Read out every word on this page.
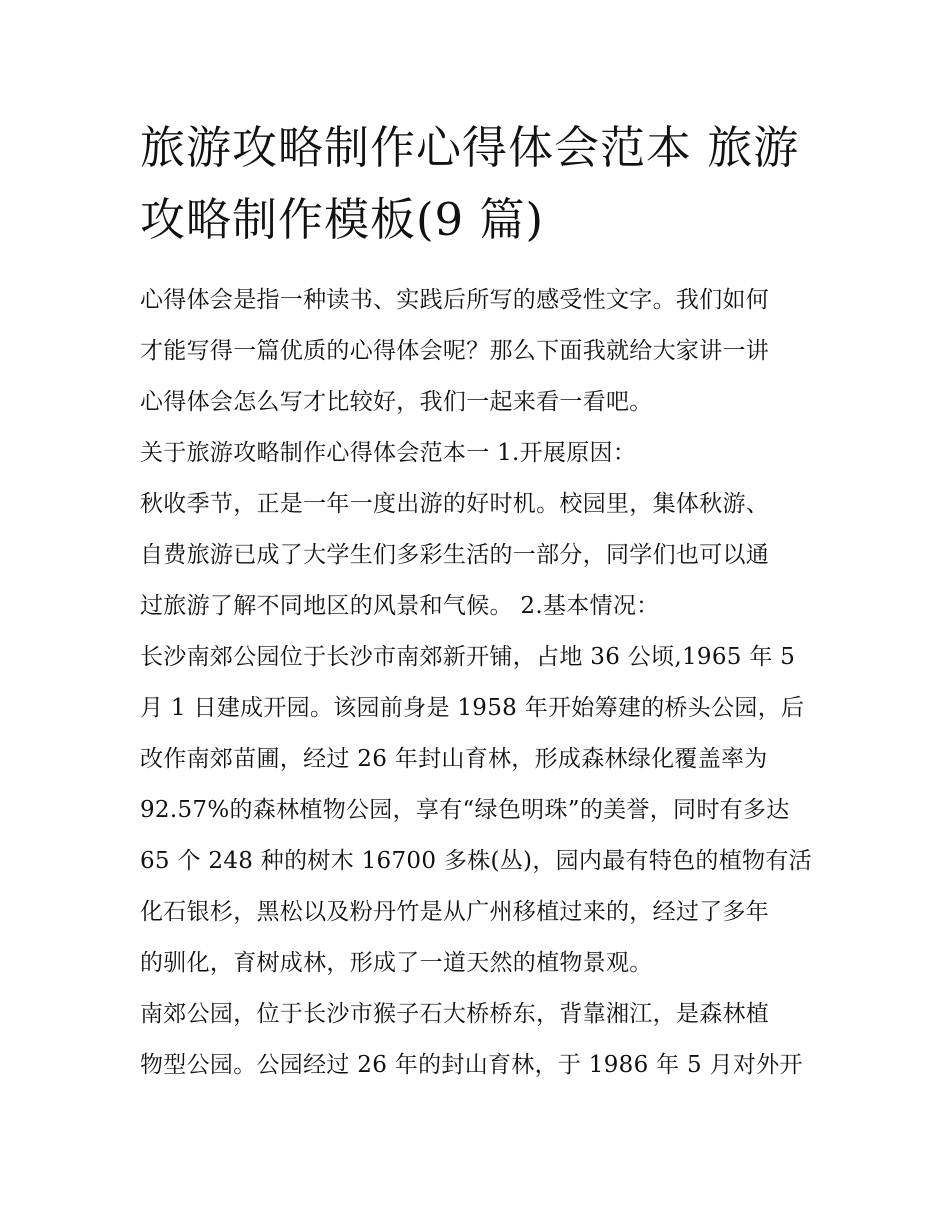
旅游攻略制作心得体会范本 旅游攻略制作模板(9 篇)

心得体会是指一种读书、实践后所写的感受性文字。我们如何

才能写得一篇优质的心得体会呢？那么下面我就给大家讲一讲

心得体会怎么写才比较好，我们一起来看一看吧。

关于旅游攻略制作心得体会范本一 1.开展原因：

秋收季节，正是一年一度出游的好时机。校园里，集体秋游、

自费旅游已成了大学生们多彩生活的一部分，同学们也可以通

过旅游了解不同地区的风景和气候。 2.基本情况：

长沙南郊公园位于长沙市南郊新开铺，占地 36 公顷,1965 年 5

月 1 日建成开园。该园前身是 1958 年开始筹建的桥头公园，后

改作南郊苗圃，经过 26 年封山育林，形成森林绿化覆盖率为

92.57%的森林植物公园，享有“绿色明珠”的美誉，同时有多达

65 个 248 种的树木 16700 多株(丛)，园内最有特色的植物有活

化石银杉，黑松以及粉丹竹是从广州移植过来的，经过了多年

的驯化，育树成林，形成了一道天然的植物景观。

南郊公园，位于长沙市猴子石大桥桥东，背靠湘江，是森林植

物型公园。公园经过 26 年的封山育林，于 1986 年 5 月对外开
